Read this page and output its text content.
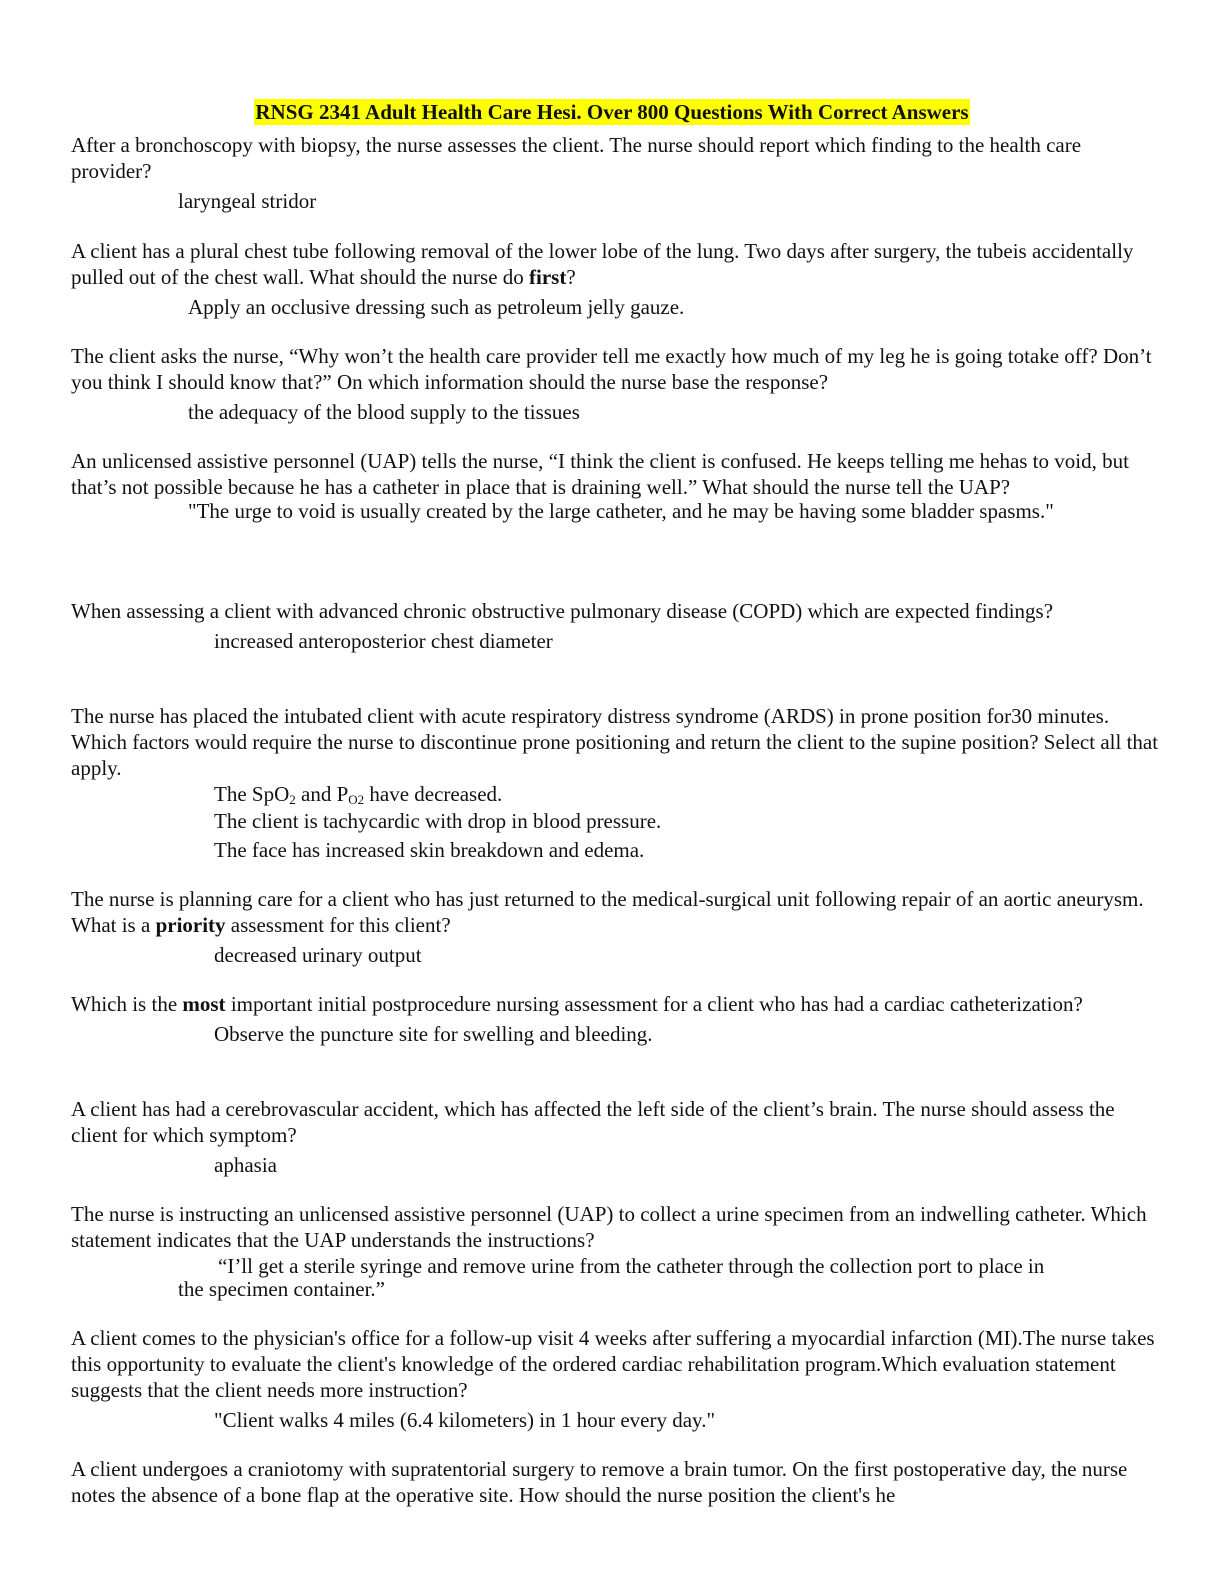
RNSG 2341 Adult Health Care Hesi. Over 800 Questions With Correct Answers

After a bronchoscopy with biopsy, the nurse assesses the client. The nurse should report which finding to the health care provider?

laryngeal stridor

A client has a plural chest tube following removal of the lower lobe of the lung. Two days after surgery, the tubeis accidentally pulled out of the chest wall. What should the nurse do first?

Apply an occlusive dressing such as petroleum jelly gauze.

The client asks the nurse, “Why won’t the health care provider tell me exactly how much of my leg he is going totake off? Don’t you think I should know that?” On which information should the nurse base the response?

the adequacy of the blood supply to the tissues

An unlicensed assistive personnel (UAP) tells the nurse, “I think the client is confused. He keeps telling me hehas to void, but that’s not possible because he has a catheter in place that is draining well.” What should the nurse tell the UAP?

"The urge to void is usually created by the large catheter, and he may be having some bladder spasms."

When assessing a client with advanced chronic obstructive pulmonary disease (COPD) which are expected findings?

increased anteroposterior chest diameter

The nurse has placed the intubated client with acute respiratory distress syndrome (ARDS) in prone position for30 minutes. Which factors would require the nurse to discontinue prone positioning and return the client to the supine position? Select all that apply.

The SpO$_2$ and $P_{O2}$ have decreased.

The client is tachycardic with drop in blood pressure.

The face has increased skin breakdown and edema.

The nurse is planning care for a client who has just returned to the medical-surgical unit following repair of an aortic aneurysm. What is a priority assessment for this client?

decreased urinary output

Which is the most important initial postprocedure nursing assessment for a client who has had a cardiac catheterization?

Observe the puncture site for swelling and bleeding.

A client has had a cerebrovascular accident, which has affected the left side of the client’s brain. The nurse should assess the client for which symptom?

aphasia

The nurse is instructing an unlicensed assistive personnel (UAP) to collect a urine specimen from an indwelling catheter. Which statement indicates that the UAP understands the instructions?

“I’ll get a sterile syringe and remove urine from the catheter through the collection port to place in

the specimen container.”

A client comes to the physician's office for a follow-up visit 4 weeks after suffering a myocardial infarction (MI).The nurse takes this opportunity to evaluate the client's knowledge of the ordered cardiac rehabilitation program.Which evaluation statement suggests that the client needs more instruction?

"Client walks 4 miles (6.4 kilometers) in 1 hour every day."

A client undergoes a craniotomy with supratentorial surgery to remove a brain tumor. On the first postoperative day, the nurse notes the absence of a bone flap at the operative site. How should the nurse position the client's he
